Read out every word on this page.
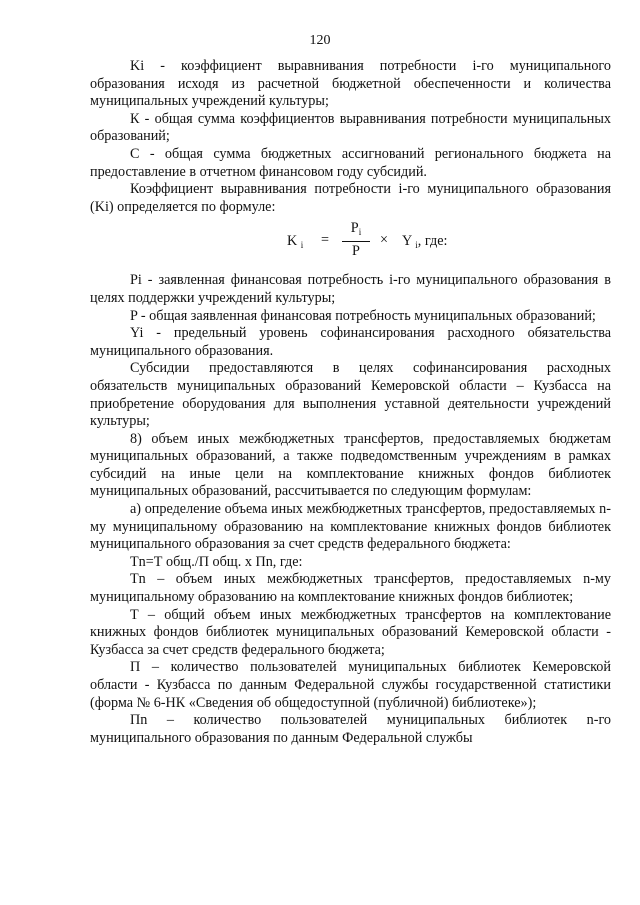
120

Ki - коэффициент выравнивания потребности i-го муниципального образования исходя из расчетной бюджетной обеспеченности и количества муниципальных учреждений культуры;

К - общая сумма коэффициентов выравнивания потребности муниципальных образований;

С - общая сумма бюджетных ассигнований регионального бюджета на предоставление в отчетном финансовом году субсидий.

Коэффициент выравнивания потребности i-го муниципального образования (Ki) определяется по формуле:

K $_i = \frac{P_i}{P} \times Y$ $_i$, где:

Pi - заявленная финансовая потребность i-го муниципального образования в целях поддержки учреждений культуры;

P - общая заявленная финансовая потребность муниципальных образований;

Yi - предельный уровень софинансирования расходного обязательства муниципального образования.

Субсидии предоставляются в целях софинансирования расходных обязательств муниципальных образований Кемеровской области – Кузбасса на приобретение оборудования для выполнения уставной деятельности учреждений культуры;

8) объем иных межбюджетных трансфертов, предоставляемых бюджетам муниципальных образований, а также подведомственным учреждениям в рамках субсидий на иные цели на комплектование книжных фондов библиотек муниципальных образований, рассчитывается по следующим формулам:

а) определение объема иных межбюджетных трансфертов, предоставляемых n-му муниципальному образованию на комплектование книжных фондов библиотек муниципального образования за счет средств федерального бюджета:

Тn=Т общ./П общ. х Пn, где:

Тn – объем иных межбюджетных трансфертов, предоставляемых n-му муниципальному образованию на комплектование книжных фондов библиотек;

Т – общий объем иных межбюджетных трансфертов на комплектование книжных фондов библиотек муниципальных образований Кемеровской области - Кузбасса за счет средств федерального бюджета;

П – количество пользователей муниципальных библиотек Кемеровской области - Кузбасса по данным Федеральной службы государственной статистики (форма № 6-НК «Сведения об общедоступной (публичной) библиотеке»);

Пn – количество пользователей муниципальных библиотек n-го муниципального образования по данным Федеральной службы
